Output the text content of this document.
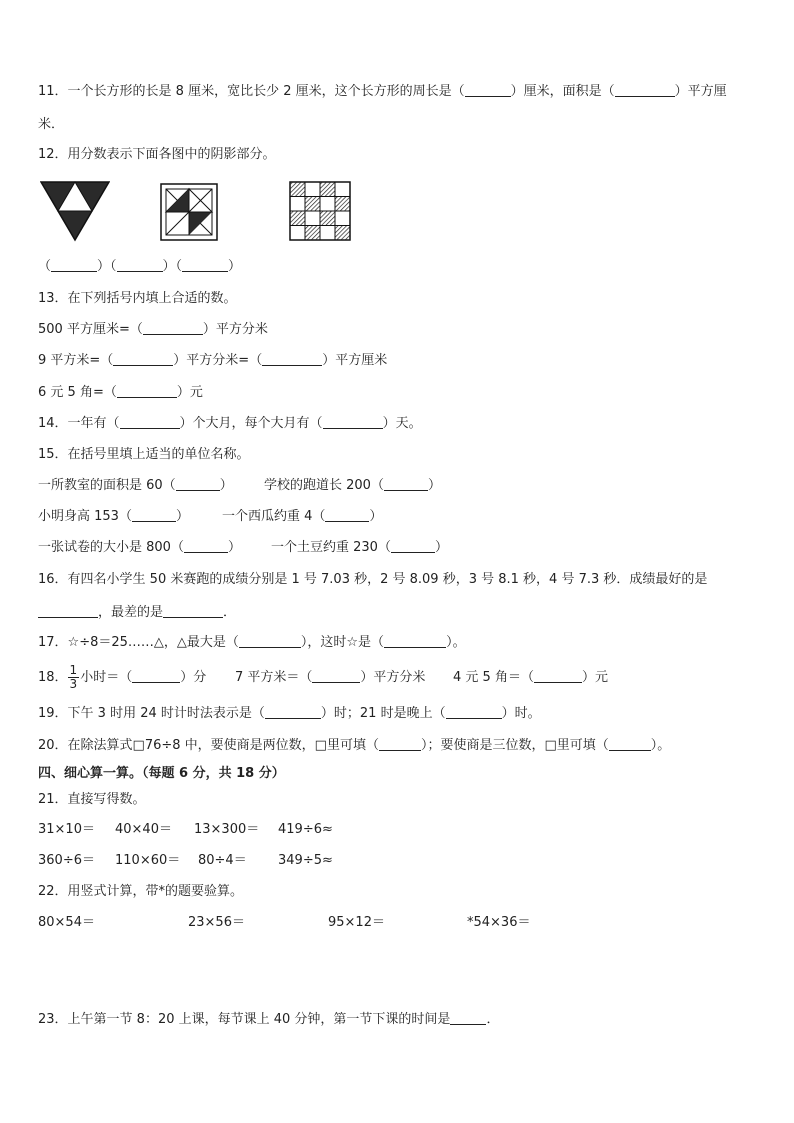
11．一个长方形的长是 8 厘米，宽比长少 2 厘米，这个长方形的周长是（	）厘米，面积是（	）平方厘
米．
12．用分数表示下面各图中的阴影部分。
（	）（	）（	）
13．在下列括号内填上合适的数。
500 平方厘米=（	）平方分米
9 平方米=（	）平方分米=（	）平方厘米
6 元 5 角=（	）元
14．一年有（	）个大月，每个大月有（	）天。
15．在括号里填上适当的单位名称。
一所教室的面积是 60（	） 学校的跑道长 200（	）
小明身高 153（	）	一个西瓜约重 4（	）
一张试卷的大小是 800（	） 一个土豆约重 230（	）
16．有四名小学生 50 米赛跑的成绩分别是 1 号 7.03 秒，2 号 8.09 秒，3 号 8.1 秒，4 号 7.3 秒．成绩最好的是
，最差的是	．
17．☆÷8＝25……△，△最大是（	），这时☆是（	）。
18． $\frac{1}{3}$ 小时＝（	）分 7 平方米＝（	）平方分米 4 元 5 角＝（	）元
19．下午 3 时用 24 时计时法表示是（	）时；21 时是晚上（	）时。
20．在除法算式□76÷8 中，要使商是两位数，□里可填（	）；要使商是三位数，□里可填（	）。
四、细心算一算。（每题 6 分，共 18 分）
21．直接写得数。
31×10＝ 40×40＝ 13×300＝ 419÷6≈
360÷6＝ 110×60＝ 80÷4＝ 349÷5≈
22．用竖式计算，带*的题要验算。
80×54＝	23×56＝	95×12＝	*54×36＝
23．上午第一节 8：20 上课，每节课上 40 分钟，第一节下课的时间是	．
